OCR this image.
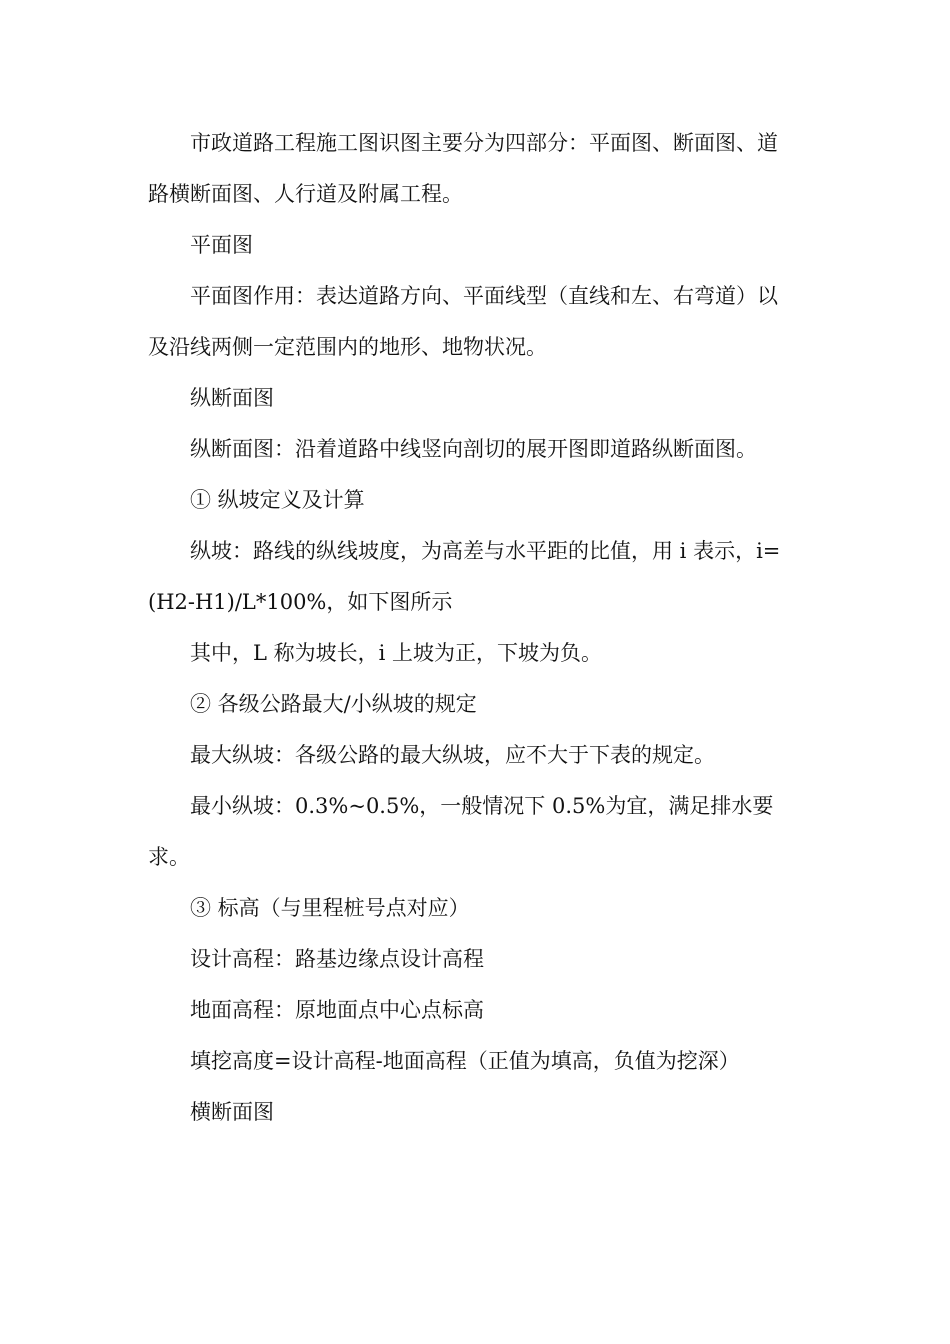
市政道路工程施工图识图主要分为四部分：平面图、断面图、道路横断面图、人行道及附属工程。

平面图

平面图作用：表达道路方向、平面线型（直线和左、右弯道）以及沿线两侧一定范围内的地形、地物状况。

纵断面图

纵断面图：沿着道路中线竖向剖切的展开图即道路纵断面图。

① 纵坡定义及计算

纵坡：路线的纵线坡度，为高差与水平距的比值，用 i 表示，i=(H2-H1)/L*100%，如下图所示

其中，L 称为坡长，i 上坡为正，下坡为负。

② 各级公路最大/小纵坡的规定

最大纵坡：各级公路的最大纵坡，应不大于下表的规定。

最小纵坡：0.3%~0.5%，一般情况下 0.5%为宜，满足排水要求。

③ 标高（与里程桩号点对应）

设计高程：路基边缘点设计高程

地面高程：原地面点中心点标高

填挖高度=设计高程-地面高程（正值为填高，负值为挖深）

横断面图
